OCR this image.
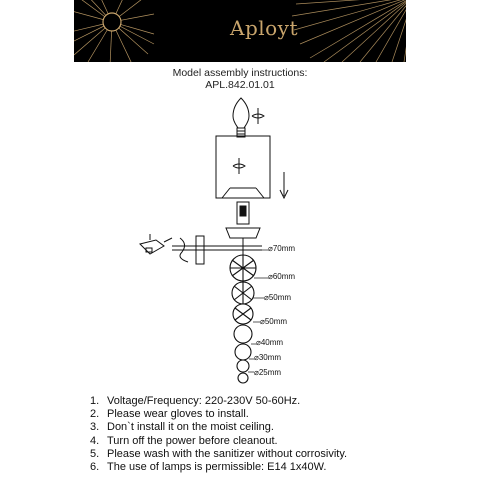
Aployt
Model assembly instructions:
APL.842.01.01
⌀70mm
⌀60mm
⌀50mm
⌀50mm
⌀40mm
⌀30mm
⌀25mm
1. Voltage/Frequency: 220-230V 50-60Hz.
2. Please wear gloves to install.
3. Don`t install it on the moist ceiling.
4. Turn off the power before cleanout.
5. Please wash with the sanitizer without corrosivity.
6. The use of lamps is permissible: E14 1x40W.
